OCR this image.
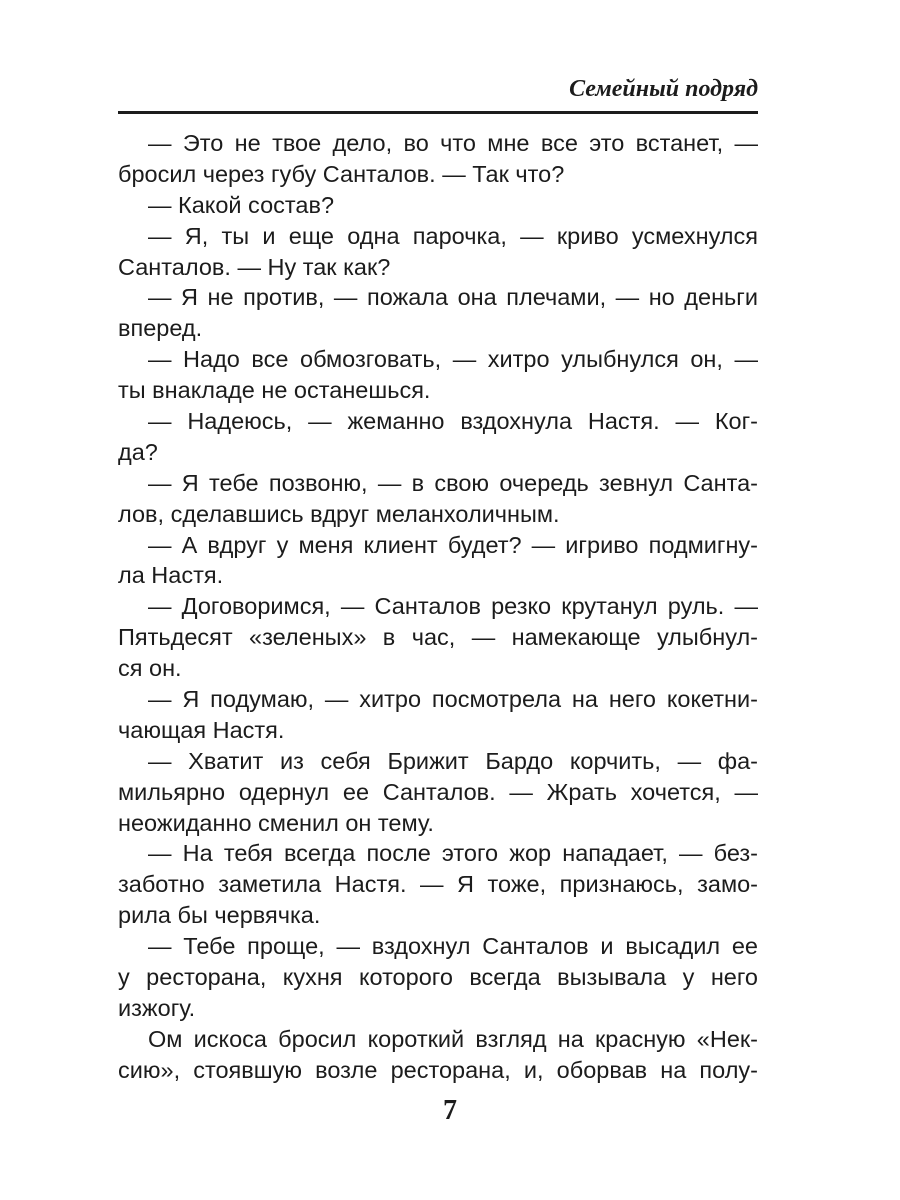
Семейный подряд
— Это не твое дело, во что мне все это встанет, —
бросил через губу Санталов. — Так что?
— Какой состав?
— Я, ты и еще одна парочка, — криво усмехнулся
Санталов. — Ну так как?
— Я не против, — пожала она плечами, — но деньги
вперед.
— Надо все обмозговать, — хитро улыбнулся он, —
ты внакладе не останешься.
— Надеюсь, — жеманно вздохнула Настя. — Ког-
да?
— Я тебе позвоню, — в свою очередь зевнул Санта-
лов, сделавшись вдруг меланхоличным.
— А вдруг у меня клиент будет? — игриво подмигну-
ла Настя.
— Договоримся, — Санталов резко крутанул руль. —
Пятьдесят «зеленых» в час, — намекающе улыбнул-
ся он.
— Я подумаю, — хитро посмотрела на него кокетни-
чающая Настя.
— Хватит из себя Брижит Бардо корчить, — фа-
мильярно одернул ее Санталов. — Жрать хочется, —
неожиданно сменил он тему.
— На тебя всегда после этого жор нападает, — без-
заботно заметила Настя. — Я тоже, признаюсь, замо-
рила бы червячка.
— Тебе проще, — вздохнул Санталов и высадил ее
у ресторана, кухня которого всегда вызывала у него
изжогу.
Ом искоса бросил короткий взгляд на красную «Нек-
сию», стоявшую возле ресторана, и, оборвав на полу-
7
